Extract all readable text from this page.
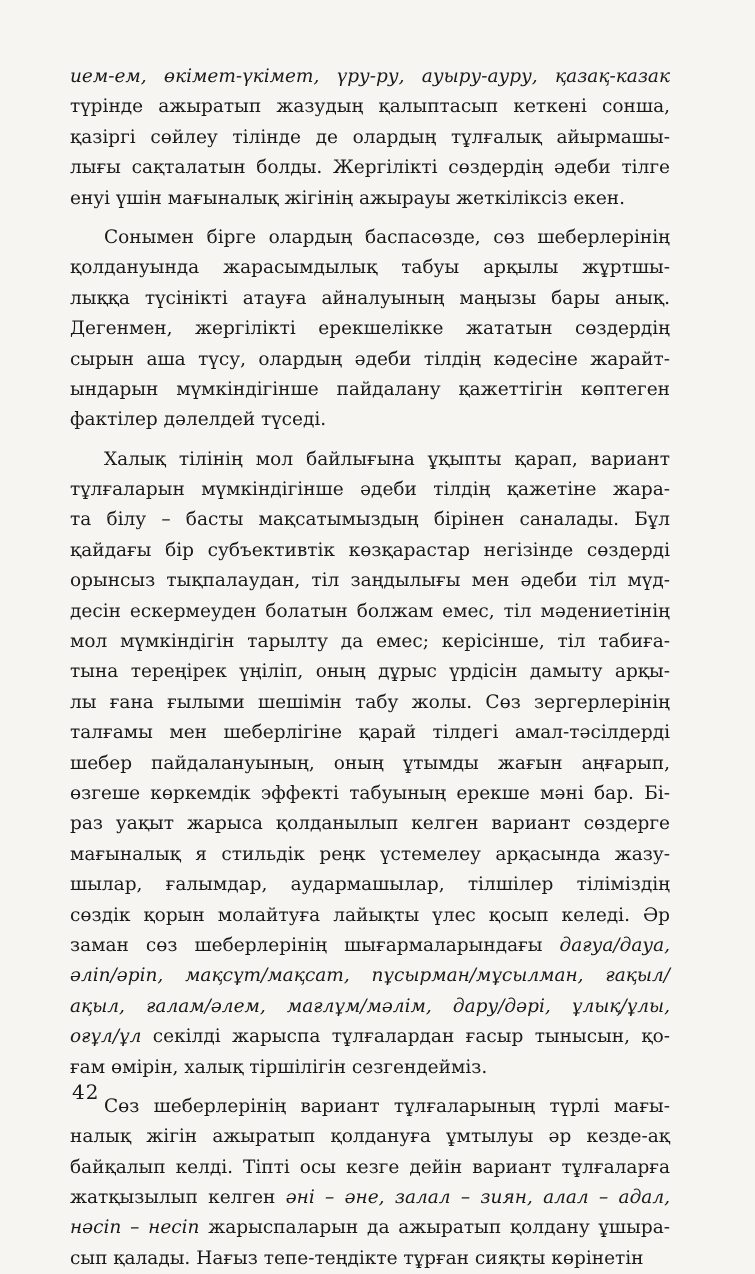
ием-ем, өкімет-үкімет, үру-ру, ауыру-ауру, қазақ-казак
түрінде ажыратып жазудың қалыптасып кеткені сонша,
қазіргі сөйлеу тілінде де олардың тұлғалық айырмашы-
лығы сақталатын болды. Жергілікті сөздердің әдеби тілге
енуі үшін мағыналық жігінің ажырауы жеткіліксіз екен.
Сонымен бірге олардың баспасөзде, сөз шеберлерінің
қолдануында жарасымдылық табуы арқылы жұртшы-
лыққа түсінікті атауға айналуының маңызы бары анық.
Дегенмен, жергілікті ерекшелікке жататын сөздердің
сырын аша түсу, олардың әдеби тілдің кәдесіне жарайт-
ындарын мүмкіндігінше пайдалану қажеттігін көптеген
фактілер дәлелдей түседі.
Халық тілінің мол байлығына ұқыпты қарап, вариант
тұлғаларын мүмкіндігінше әдеби тілдің қажетіне жара-
та білу – басты мақсатымыздың бірінен саналады. Бұл
қайдағы бір субъективтік көзқарастар негізінде сөздерді
орынсыз тықпалаудан, тіл заңдылығы мен әдеби тіл мүд-
десін ескермеуден болатын болжам емес, тіл мәдениетінің
мол мүмкіндігін тарылту да емес; керісінше, тіл табиға-
тына тереңірек үңіліп, оның дұрыс үрдісін дамыту арқы-
лы ғана ғылыми шешімін табу жолы. Сөз зергерлерінің
талғамы мен шеберлігіне қарай тілдегі амал-тәсілдерді
шебер пайдалануының, оның ұтымды жағын аңғарып,
өзгеше көркемдік эффекті табуының ерекше мәні бар. Бі-
раз уақыт жарыса қолданылып келген вариант сөздерге
мағыналық я стильдік реңк үстемелеу арқасында жазу-
шылар, ғалымдар, аудармашылар, тілшілер тіліміздің
сөздік қорын молайтуға лайықты үлес қосып келеді. Әр
заман сөз шеберлерінің шығармаларындағы дағуа/дауа,
әліп/әріп, мақсұт/мақсат, пұсырман/мұсылман, ғақыл/
ақыл, ғалам/әлем, мағлұм/мәлім, дару/дәрі, ұлық/ұлы,
оғұл/ұл секілді жарыспа тұлғалардан ғасыр тынысын, қо-
ғам өмірін, халық тіршілігін сезгендейміз.
Сөз шеберлерінің вариант тұлғаларының түрлі мағы-
налық жігін ажыратып қолдануға ұмтылуы әр кезде-ақ
байқалып келді. Тіпті осы кезге дейін вариант тұлғаларға
жатқызылып келген әні – әне, залал – зиян, алал – адал,
нәсіп – несіп жарыспаларын да ажыратып қолдану ұшыра-
сып қалады. Нағыз тепе-теңдікте тұрған сияқты көрінетін
42
